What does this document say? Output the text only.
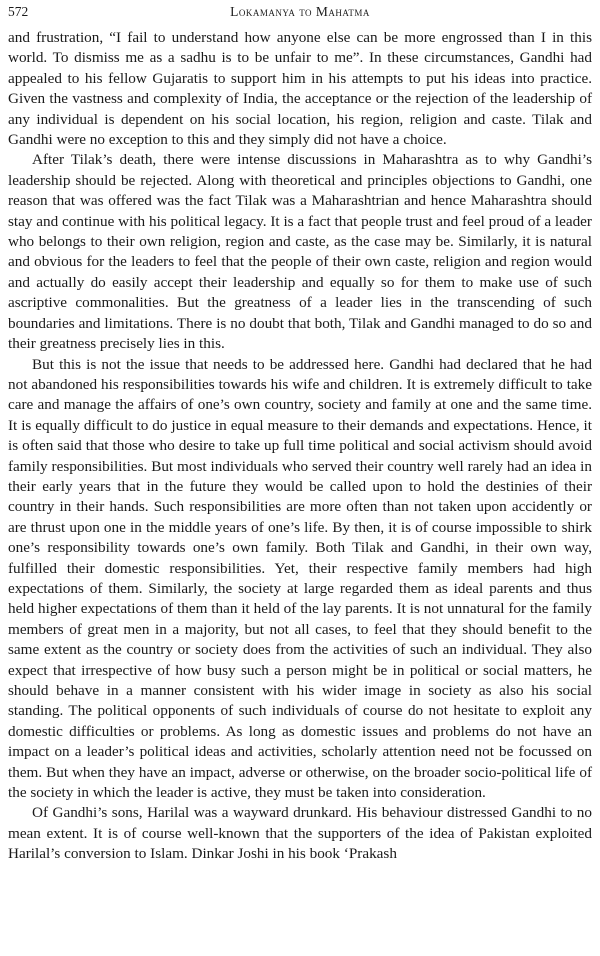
572	Lokamanya to Mahatma

and frustration, “I fail to understand how anyone else can be more engrossed than I in this world. To dismiss me as a sadhu is to be unfair to me”. In these circumstances, Gandhi had appealed to his fellow Gujaratis to support him in his attempts to put his ideas into practice. Given the vastness and complexity of India, the acceptance or the rejection of the leadership of any individual is dependent on his social location, his region, religion and caste. Tilak and Gandhi were no exception to this and they simply did not have a choice.

After Tilak’s death, there were intense discussions in Maharashtra as to why Gandhi’s leadership should be rejected. Along with theoretical and principles objections to Gandhi, one reason that was offered was the fact Tilak was a Maharashtrian and hence Maharashtra should stay and continue with his political legacy. It is a fact that people trust and feel proud of a leader who belongs to their own religion, region and caste, as the case may be. Similarly, it is natural and obvious for the leaders to feel that the people of their own caste, religion and region would and actually do easily accept their leadership and equally so for them to make use of such ascriptive commonalities. But the greatness of a leader lies in the transcending of such boundaries and limitations. There is no doubt that both, Tilak and Gandhi managed to do so and their greatness precisely lies in this.

But this is not the issue that needs to be addressed here. Gandhi had declared that he had not abandoned his responsibilities towards his wife and children. It is extremely difficult to take care and manage the affairs of one’s own country, society and family at one and the same time. It is equally difficult to do justice in equal measure to their demands and expectations. Hence, it is often said that those who desire to take up full time political and social activism should avoid family responsibilities. But most individuals who served their country well rarely had an idea in their early years that in the future they would be called upon to hold the destinies of their country in their hands. Such responsibilities are more often than not taken upon accidently or are thrust upon one in the middle years of one’s life. By then, it is of course impossible to shirk one’s responsibility towards one’s own family. Both Tilak and Gandhi, in their own way, fulfilled their domestic responsibilities. Yet, their respective family members had high expectations of them. Similarly, the society at large regarded them as ideal parents and thus held higher expectations of them than it held of the lay parents. It is not unnatural for the family members of great men in a majority, but not all cases, to feel that they should benefit to the same extent as the country or society does from the activities of such an individual. They also expect that irrespective of how busy such a person might be in political or social matters, he should behave in a manner consistent with his wider image in society as also his social standing. The political opponents of such individuals of course do not hesitate to exploit any domestic difficulties or problems. As long as domestic issues and problems do not have an impact on a leader’s political ideas and activities, scholarly attention need not be focussed on them. But when they have an impact, adverse or otherwise, on the broader socio-political life of the society in which the leader is active, they must be taken into consideration.

Of Gandhi’s sons, Harilal was a wayward drunkard. His behaviour distressed Gandhi to no mean extent. It is of course well-known that the supporters of the idea of Pakistan exploited Harilal’s conversion to Islam. Dinkar Joshi in his book ‘Prakash
